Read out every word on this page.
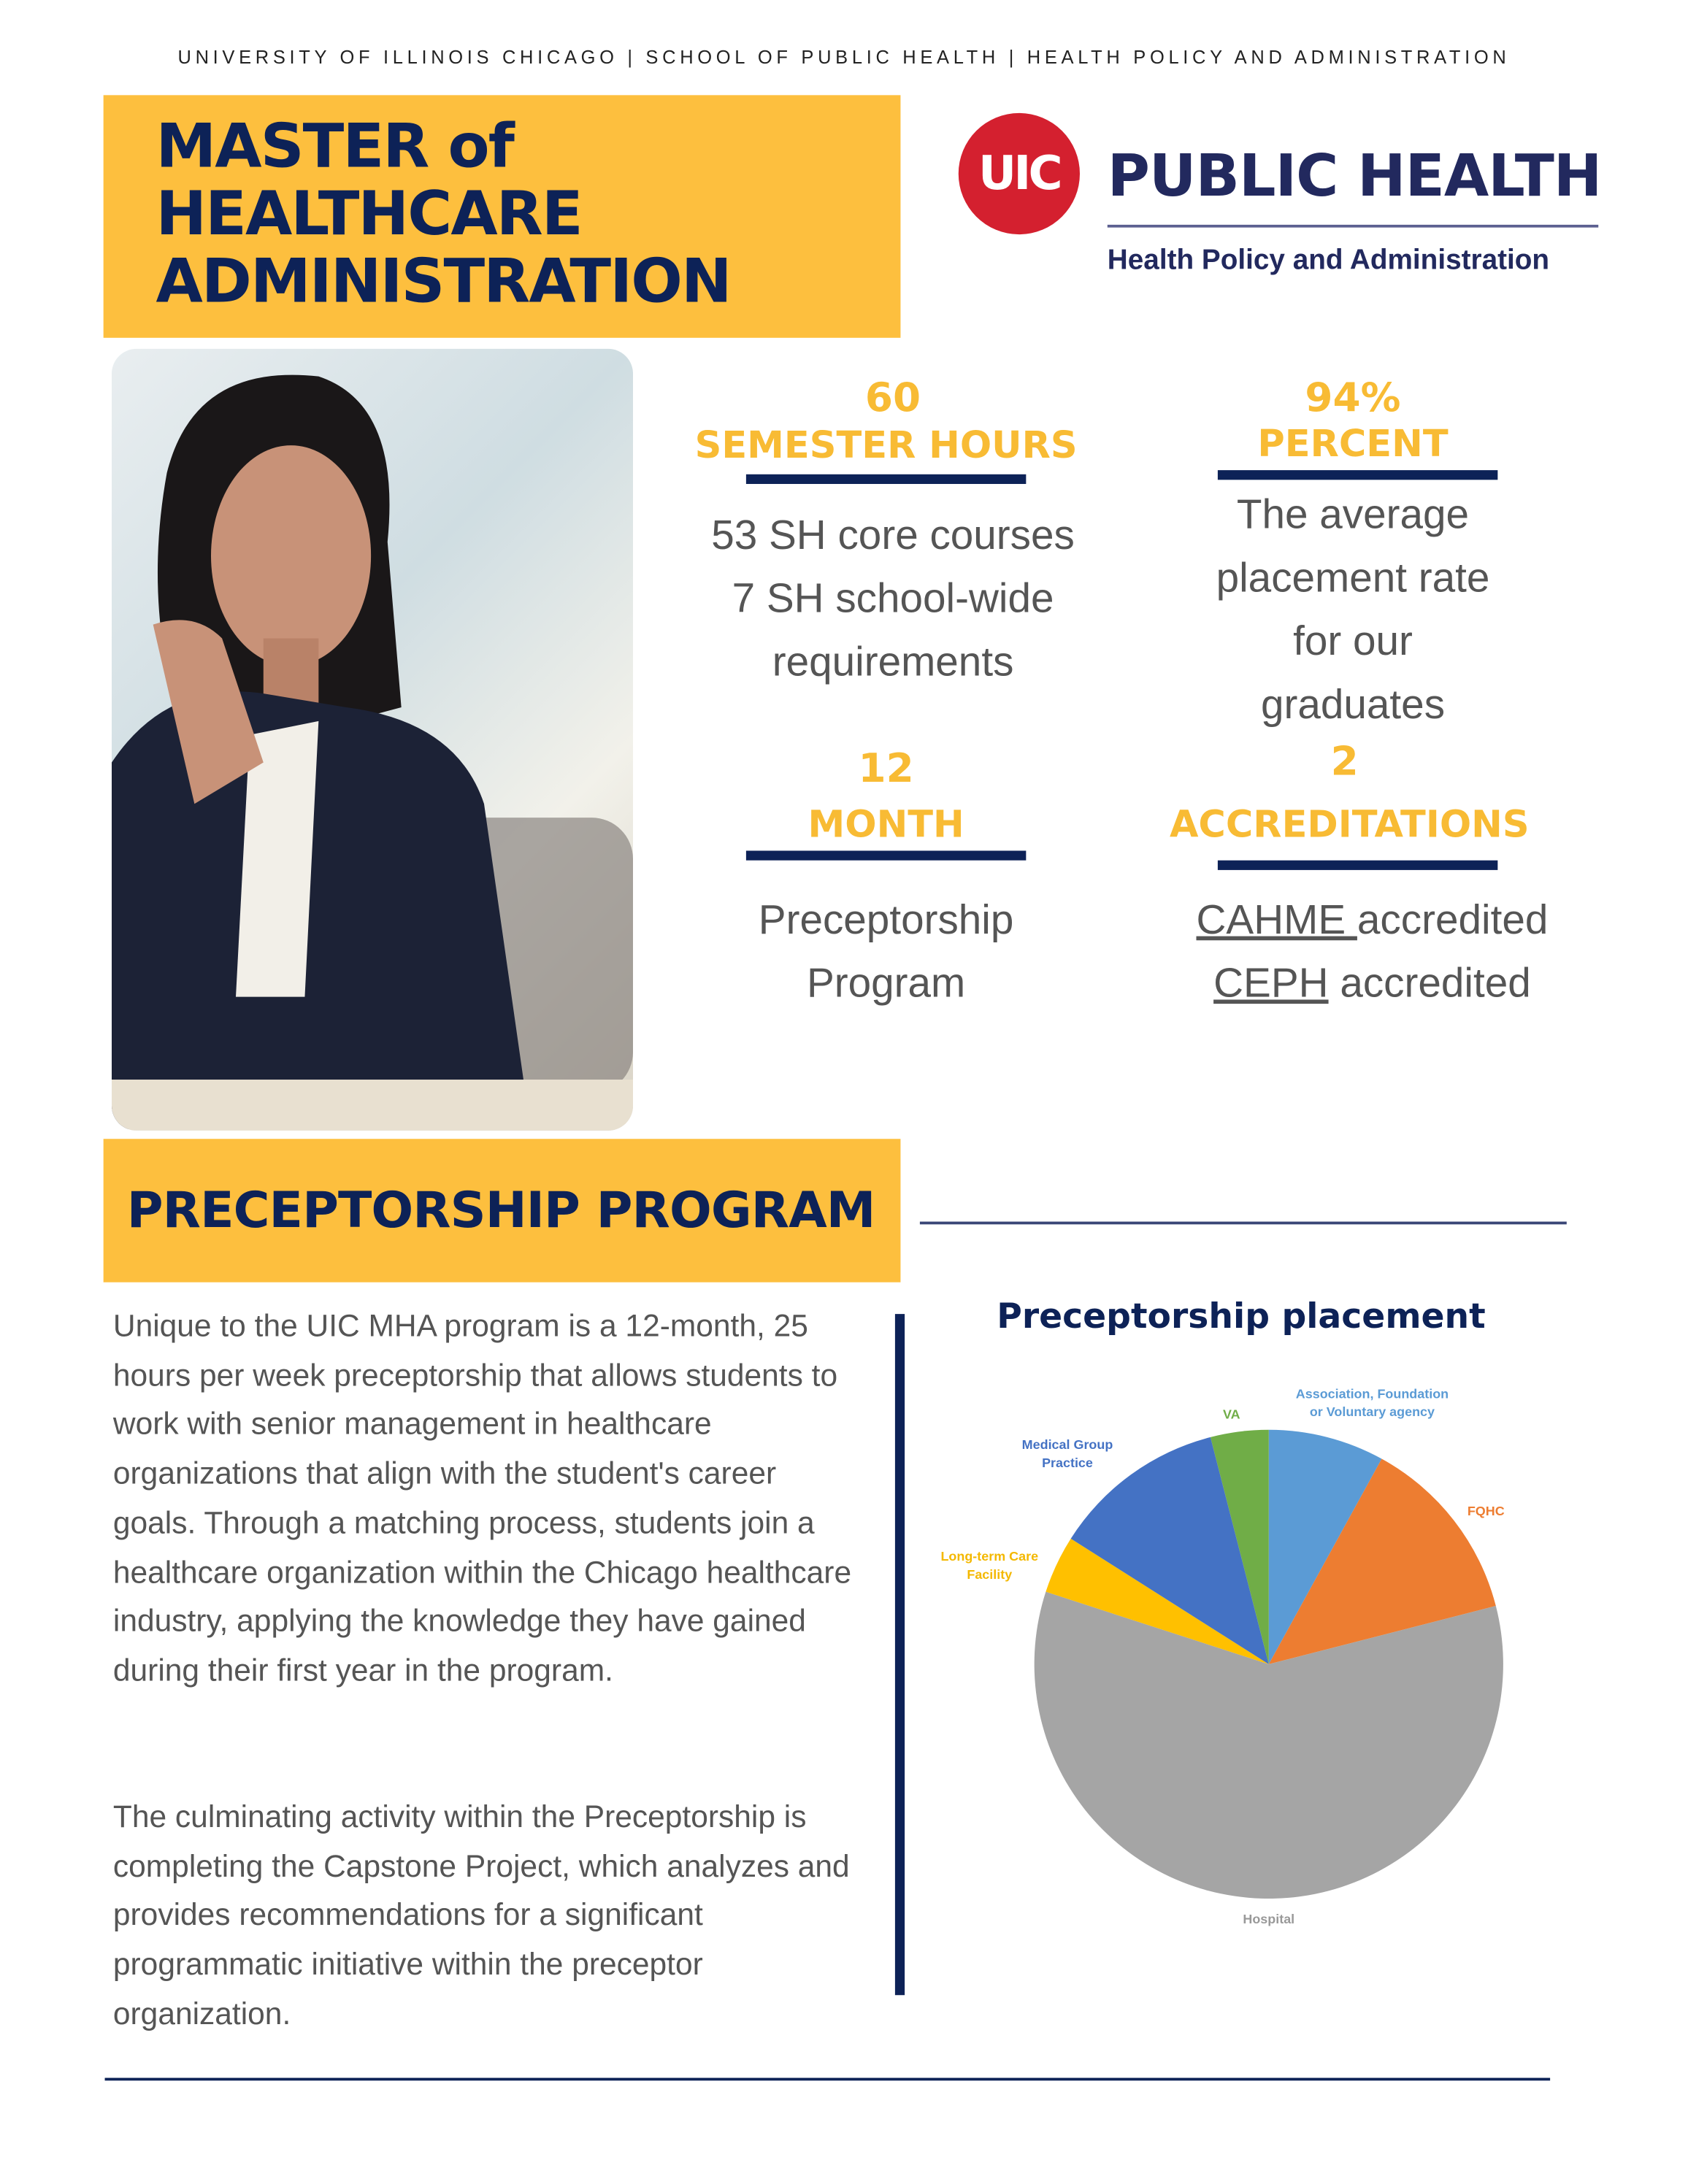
UNIVERSITY OF ILLINOIS CHICAGO | SCHOOL OF PUBLIC HEALTH | HEALTH POLICY AND ADMINISTRATION
MASTER of
HEALTHCARE
ADMINISTRATION
UIC	PUBLIC HEALTH
Health Policy and Administration
60
SEMESTER HOURS
53 SH core courses
7 SH school-wide
requirements
94%
PERCENT
The average
placement rate
for our
graduates
12
MONTH
Preceptorship
Program
2
ACCREDITATIONS
CAHME accredited
CEPH accredited
PRECEPTORSHIP PROGRAM
Unique to the UIC MHA program is a 12-month, 25 hours per week preceptorship that allows students to work with senior management in healthcare organizations that align with the student's career goals. Through a matching process, students join a healthcare organization within the Chicago healthcare industry, applying the knowledge they have gained during their first year in the program.
The culminating activity within the Preceptorship is completing the Capstone Project, which analyzes and provides recommendations for a significant programmatic initiative within the preceptor organization.
Preceptorship placement
Association, Foundation or Voluntary agency
FQHC
Hospital
Long-term Care Facility
Medical Group Practice
VA
